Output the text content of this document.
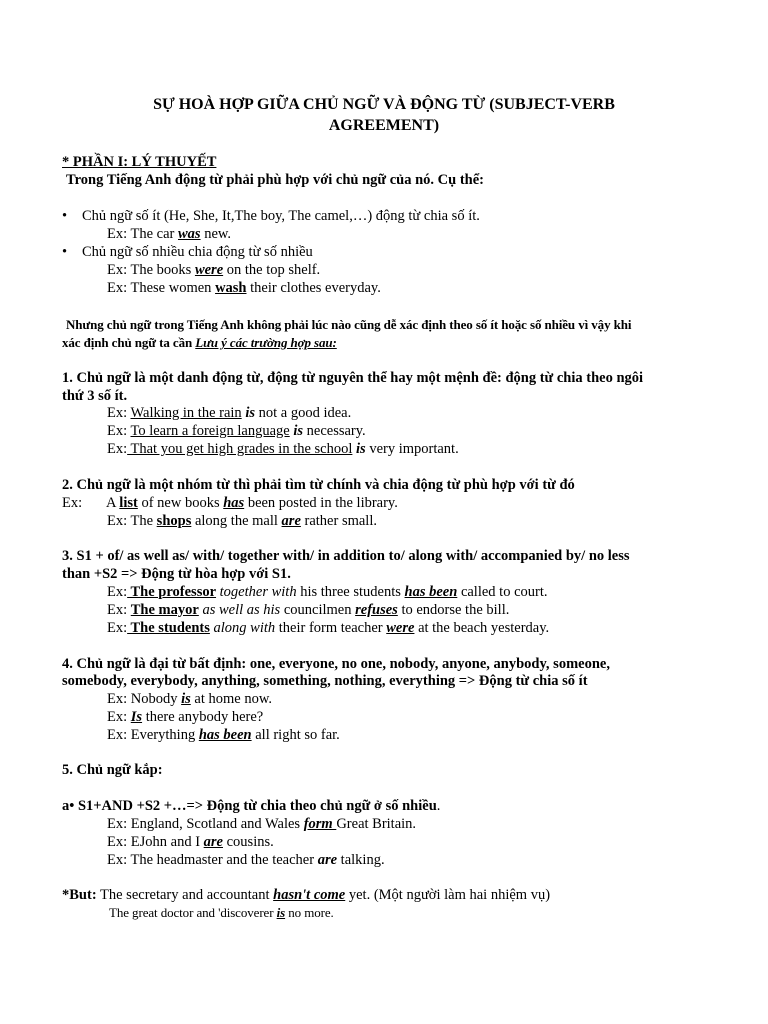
SỰ HOÀ HỢP GIỮA CHỦ NGỮ VÀ ĐỘNG TỪ (SUBJECT-VERB
AGREEMENT)
* PHẦN I: LÝ THUYẾT
Trong Tiếng Anh động từ phải phù hợp với chủ ngữ của nó. Cụ thể:
• Chủ ngữ số ít (He, She, It,The boy, The camel,…) động từ chia số ít.
Ex: The car was new.
• Chủ ngữ số nhiều chia động từ số nhiều
Ex: The books were on the top shelf.
Ex: These women wash their clothes everyday.
Nhưng chủ ngữ trong Tiếng Anh không phải lúc nào cũng dễ xác định theo số ít hoặc số nhiều vì vậy khi
xác định chủ ngữ ta cần Lưu ý các trường hợp sau:
1. Chủ ngữ là một danh động từ, động từ nguyên thể hay một mệnh đề: động từ chia theo ngôi
thứ 3 số ít.
Ex: Walking in the rain is not a good idea.
Ex: To learn a foreign language is necessary.
Ex: That you get high grades in the school is very important.
2. Chủ ngữ là một nhóm từ thì phải tìm từ chính và chia động từ phù hợp với từ đó
Ex: A list of new books has been posted in the library.
Ex: The shops along the mall are rather small.
3. S1 + of/ as well as/ with/ together with/ in addition to/ along with/ accompanied by/ no less
than +S2 => Động từ hòa hợp với S1.
Ex: The professor together with his three students has been called to court.
Ex: The mayor as well as his councilmen refuses to endorse the bill.
Ex: The students along with their form teacher were at the beach yesterday.
4. Chủ ngữ là đại từ bất định: one, everyone, no one, nobody, anyone, anybody, someone,
somebody, everybody, anything, something, nothing, everything => Động từ chia số ít
Ex: Nobody is at home now.
Ex: Is there anybody here?
Ex: Everything has been all right so far.
5. Chủ ngữ kắp:
a• S1+AND +S2 +…=> Động từ chia theo chủ ngữ ở số nhiều.
Ex: England, Scotland and Wales form Great Britain.
Ex: EJohn and I are cousins.
Ex: The headmaster and the teacher are talking.
*But: The secretary and accountant hasn't come yet. (Một người làm hai nhiệm vụ)
The great doctor and 'discoverer is no more.
